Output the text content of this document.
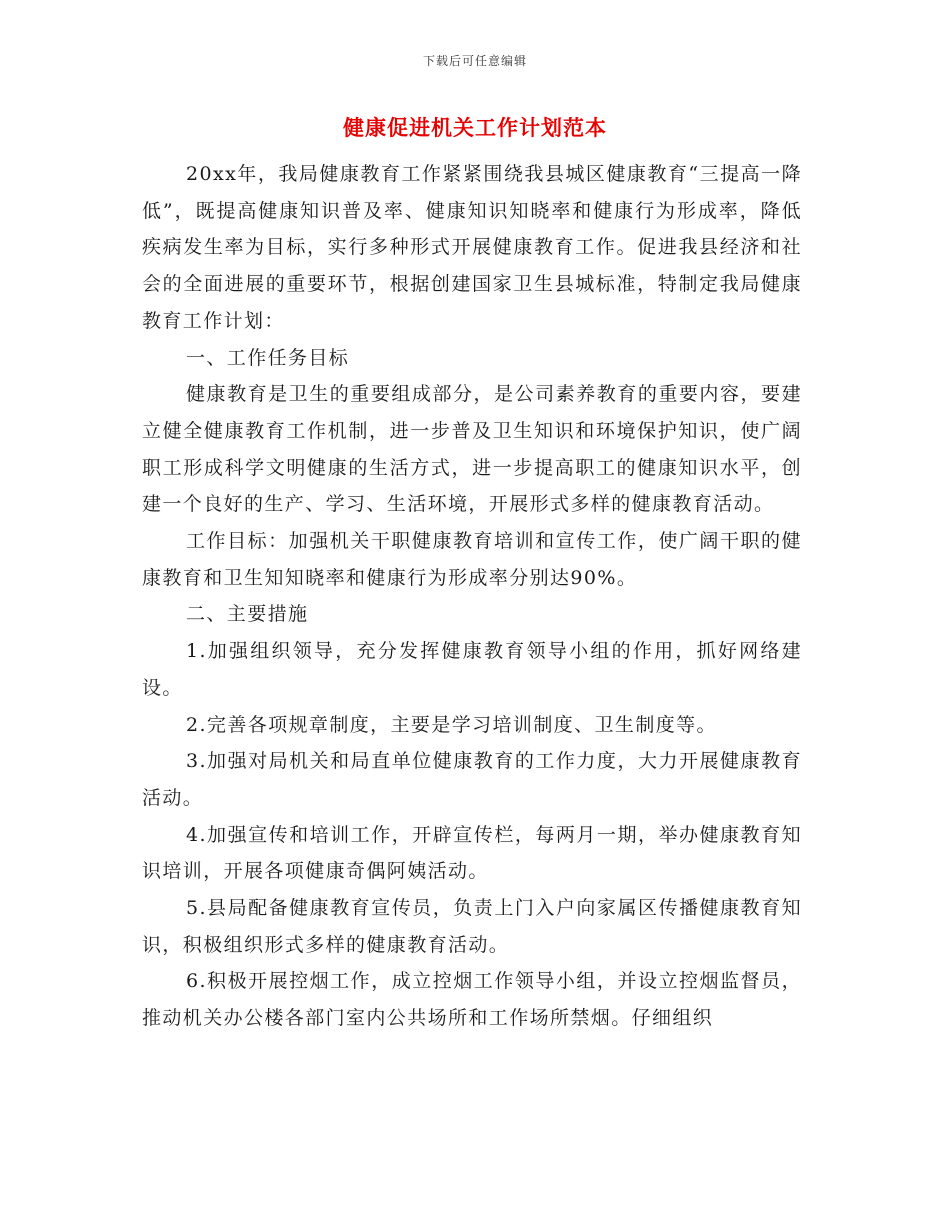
下载后可任意编辑
健康促进机关工作计划范本

20xx年，我局健康教育工作紧紧围绕我县城区健康教育“三提高一降低”，既提高健康知识普及率、健康知识知晓率和健康行为形成率，降低疾病发生率为目标，实行多种形式开展健康教育工作。促进我县经济和社会的全面进展的重要环节，根据创建国家卫生县城标准，特制定我局健康教育工作计划：

一、工作任务目标

健康教育是卫生的重要组成部分，是公司素养教育的重要内容，要建立健全健康教育工作机制，进一步普及卫生知识和环境保护知识，使广阔职工形成科学文明健康的生活方式，进一步提高职工的健康知识水平，创建一个良好的生产、学习、生活环境，开展形式多样的健康教育活动。

工作目标：加强机关干职健康教育培训和宣传工作，使广阔干职的健康教育和卫生知知晓率和健康行为形成率分别达90%。

二、主要措施

1.加强组织领导，充分发挥健康教育领导小组的作用，抓好网络建设。

2.完善各项规章制度，主要是学习培训制度、卫生制度等。

3.加强对局机关和局直单位健康教育的工作力度，大力开展健康教育活动。

4.加强宣传和培训工作，开辟宣传栏，每两月一期，举办健康教育知识培训，开展各项健康奇偶阿姨活动。

5.县局配备健康教育宣传员，负责上门入户向家属区传播健康教育知识，积极组织形式多样的健康教育活动。

6.积极开展控烟工作，成立控烟工作领导小组，并设立控烟监督员，推动机关办公楼各部门室内公共场所和工作场所禁烟。仔细组织
